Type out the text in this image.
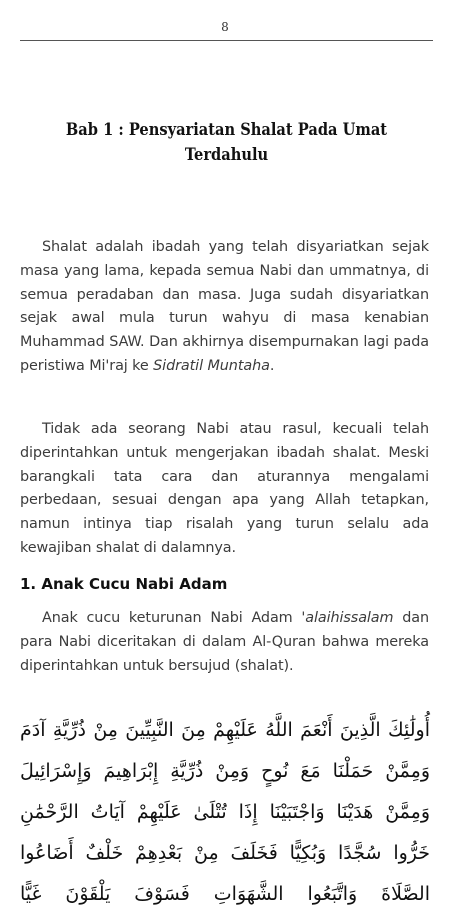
8
Bab 1 : Pensyariatan Shalat Pada Umat Terdahulu

Shalat adalah ibadah yang telah disyariatkan sejak masa yang lama, kepada semua Nabi dan ummatnya, di semua peradaban dan masa. Juga sudah disyariatkan sejak awal mula turun wahyu di masa kenabian Muhammad SAW. Dan akhirnya disempurnakan lagi pada peristiwa Mi'raj ke Sidratil Muntaha.

Tidak ada seorang Nabi atau rasul, kecuali telah diperintahkan untuk mengerjakan ibadah shalat. Meski barangkali tata cara dan aturannya mengalami perbedaan, sesuai dengan apa yang Allah tetapkan, namun intinya tiap risalah yang turun selalu ada kewajiban shalat di dalamnya.

1. Anak Cucu Nabi Adam

Anak cucu keturunan Nabi Adam 'alaihissalam dan para Nabi diceritakan di dalam Al-Quran bahwa mereka diperintahkan untuk bersujud (shalat).

أُولَٰئِكَ الَّذِينَ أَنْعَمَ اللَّهُ عَلَيْهِمْ مِنَ النَّبِيِّينَ مِنْ ذُرِّيَّةِ آدَمَ وَمِمَّنْ حَمَلْنَا مَعَ نُوحٍ وَمِنْ ذُرِّيَّةِ إِبْرَاهِيمَ وَإِسْرَائِيلَ وَمِمَّنْ هَدَيْنَا وَاجْتَبَيْنَا إِذَا تُتْلَىٰ عَلَيْهِمْ آيَاتُ الرَّحْمَٰنِ خَرُّوا سُجَّدًا وَبُكِيًّا فَخَلَفَ مِنْ بَعْدِهِمْ خَلْفٌ أَضَاعُوا الصَّلَاةَ وَاتَّبَعُوا الشَّهَوَاتِ فَسَوْفَ يَلْقَوْنَ غَيًّا
